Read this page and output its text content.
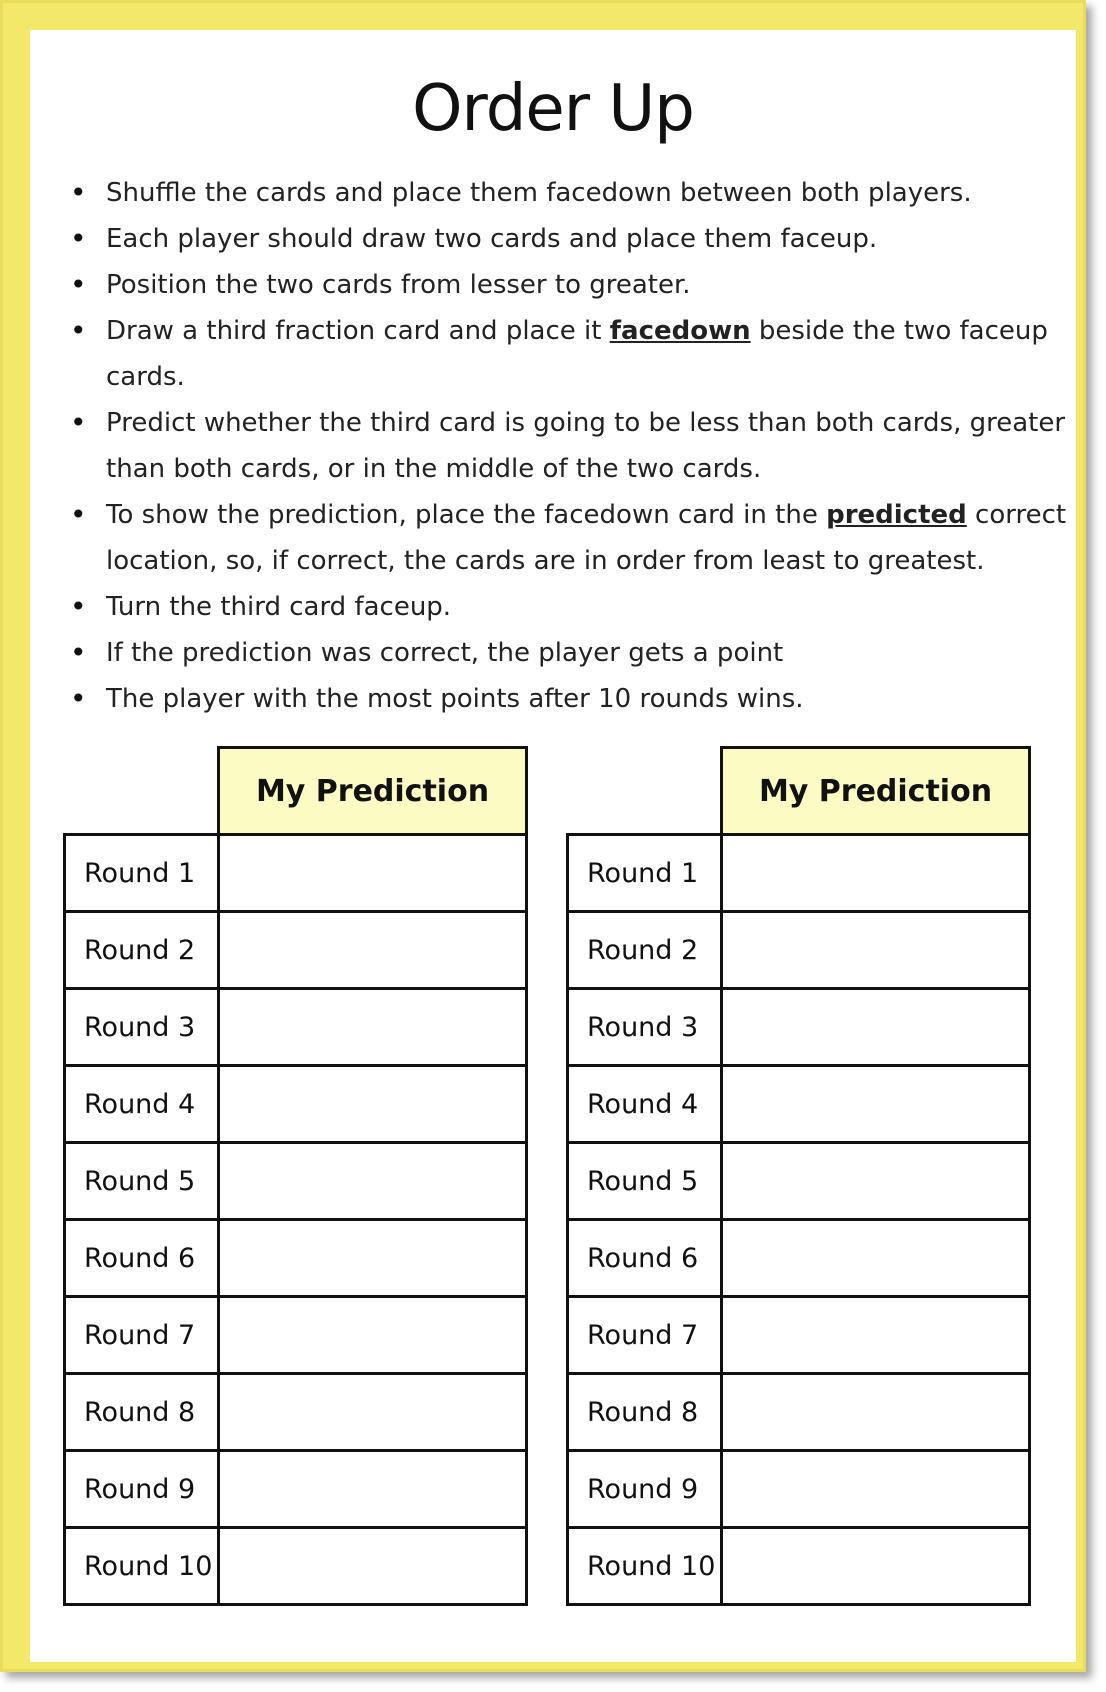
Order Up
• Shuffle the cards and place them facedown between both players.
• Each player should draw two cards and place them faceup.
• Position the two cards from lesser to greater.
• Draw a third fraction card and place it facedown beside the two faceup cards.
• Predict whether the third card is going to be less than both cards, greater than both cards, or in the middle of the two cards.
• To show the prediction, place the facedown card in the predicted correct location, so, if correct, the cards are in order from least to greatest.
• Turn the third card faceup.
• If the prediction was correct, the player gets a point
• The player with the most points after 10 rounds wins.
	My Prediction
Round 1	
Round 2	
Round 3	
Round 4	
Round 5	
Round 6	
Round 7	
Round 8	
Round 9	
Round 10	
	My Prediction
Round 1	
Round 2	
Round 3	
Round 4	
Round 5	
Round 6	
Round 7	
Round 8	
Round 9	
Round 10	
